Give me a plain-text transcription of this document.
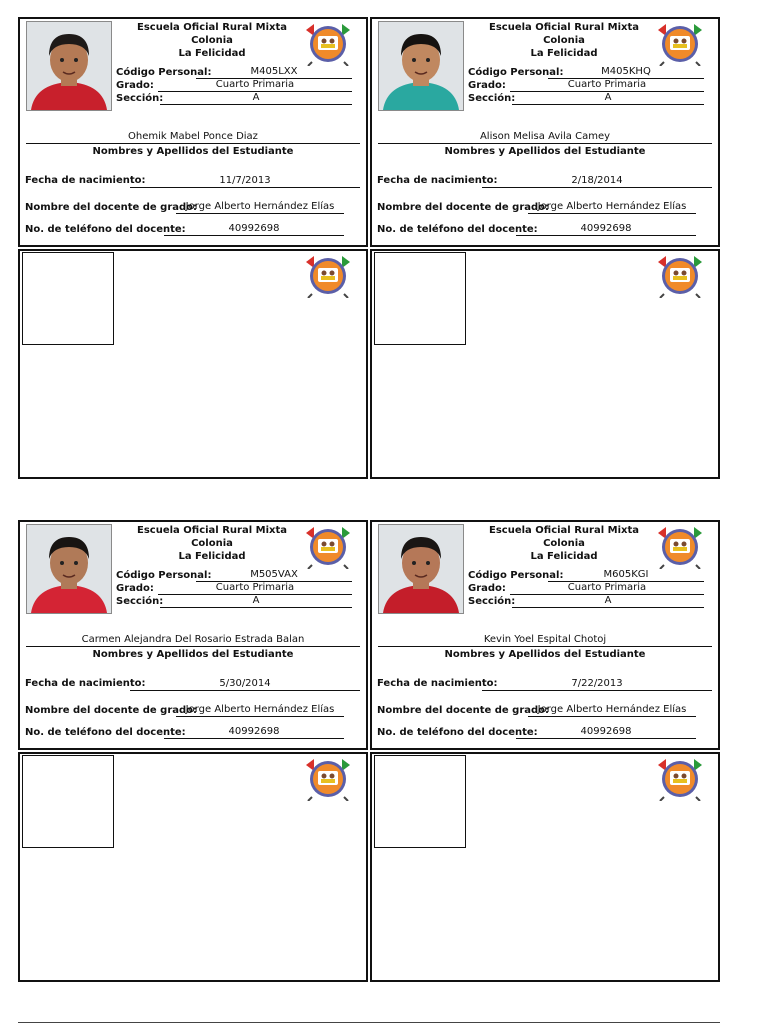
Escuela Oficial Rural Mixta Colonia
La Felicidad
Código Personal:	M405LXX
Grado:	Cuarto Primaria
Sección:	A
Ohemik Mabel Ponce Diaz
Nombres y Apellidos del Estudiante
Fecha de nacimiento:	11/7/2013
Nombre del docente de grado:
Jorge Alberto Hernández Elías
No. de teléfono del docente:	40992698
Escuela Oficial Rural Mixta Colonia
La Felicidad
Código Personal:	M405KHQ
Grado:	Cuarto Primaria
Sección:	A
Alison Melisa Avila Camey
Nombres y Apellidos del Estudiante
Fecha de nacimiento:	2/18/2014
Nombre del docente de grado:
Jorge Alberto Hernández Elías
No. de teléfono del docente:	40992698
Escuela Oficial Rural Mixta Colonia
La Felicidad
Código Personal:	M505VAX
Grado:	Cuarto Primaria
Sección:	A
Carmen Alejandra Del Rosario Estrada Balan
Nombres y Apellidos del Estudiante
Fecha de nacimiento:	5/30/2014
Nombre del docente de grado:
Jorge Alberto Hernández Elías
No. de teléfono del docente:	40992698
Escuela Oficial Rural Mixta Colonia
La Felicidad
Código Personal:	M605KGI
Grado:	Cuarto Primaria
Sección:	A
Kevin Yoel Espital Chotoj
Nombres y Apellidos del Estudiante
Fecha de nacimiento:	7/22/2013
Nombre del docente de grado:
Jorge Alberto Hernández Elías
No. de teléfono del docente:	40992698
